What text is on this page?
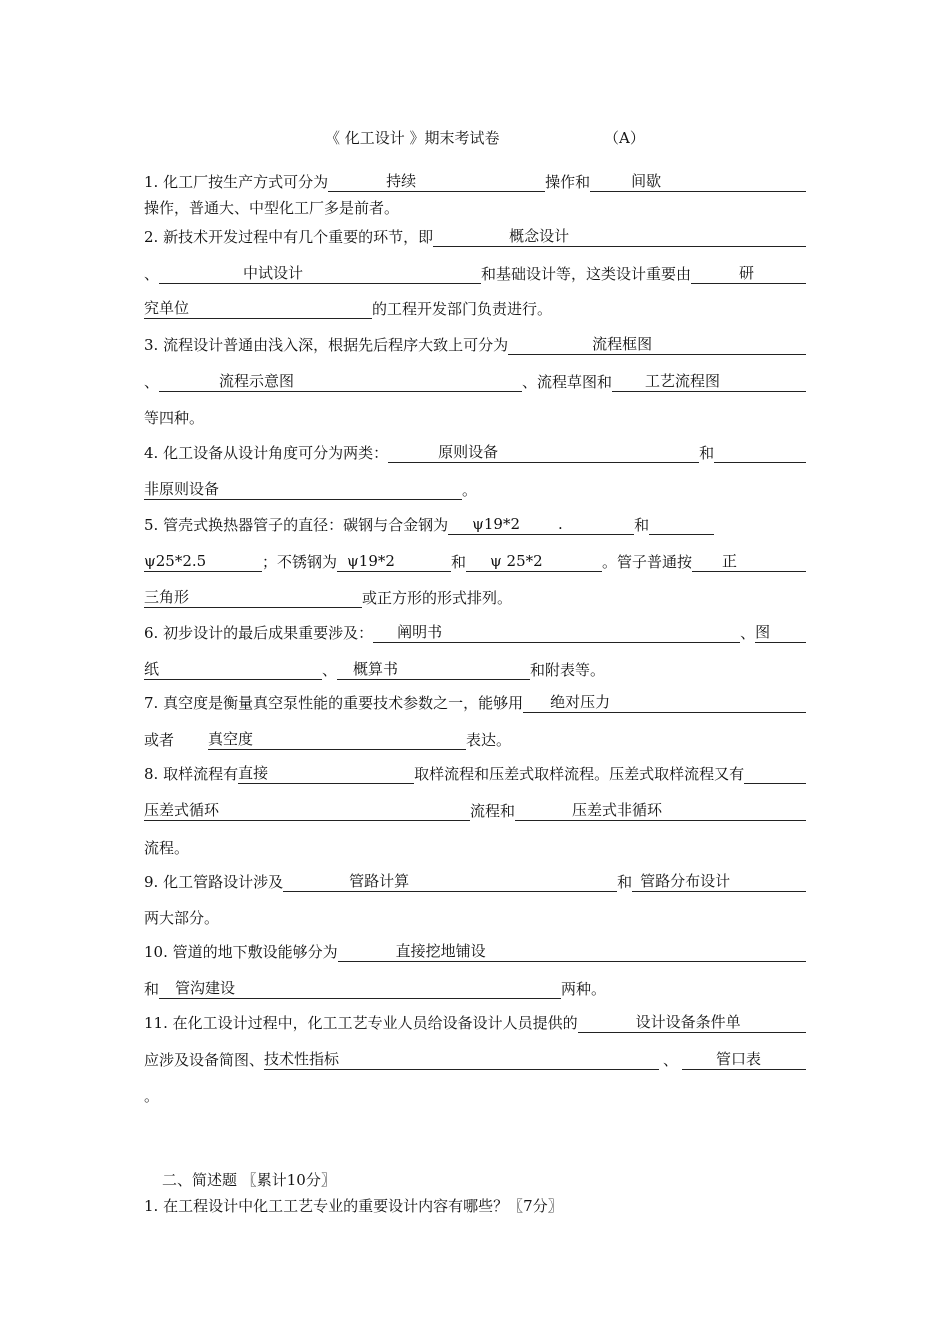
《 化工设计 》期末考试卷	（A）
1. 化工厂按生产方式可分为	持续	操作和	间歇
操作，普通大、中型化工厂多是前者。
2. 新技术开发过程中有几个重要的环节，即	概念设计
、	中试设计	和基础设计等，这类设计重要由	研
究单位	的工程开发部门负责进行。
3. 流程设计普通由浅入深，根据先后程序大致上可分为	流程框图
、	流程示意图	、流程草图和	工艺流程图
等四种。
4. 化工设备从设计角度可分为两类：	原则设备	和
非原则设备	。
5. 管壳式换热器管子的直径：碳钢与合金钢为	ψ19*2	.	和
ψ25*2.5	；不锈钢为 ψ19*2	和	ψ 25*2	。管子普通按	正
三角形	或正方形的形式排列。
6. 初步设计的最后成果重要涉及：	阐明书	、 图
纸	、	概算书	和附表等。
7. 真空度是衡量真空泵性能的重要技术参数之一，能够用	绝对压力
或者 真空度	表达。
8. 取样流程有 直接	取样流程和压差式取样流程。压差式取样流程又有
压差式循环	流程和	压差式非循环
流程。
9. 化工管路设计涉及	管路计算	和 管路分布设计
两大部分。
10. 管道的地下敷设能够分为	直接挖地铺设
和	管沟建设	两种。
11. 在化工设计过程中，化工工艺专业人员给设备设计人员提供的	设计设备条件单
应涉及设备简图、 技术性指标	、	管口表
。
二、简述题 〖累计10分〗
1. 在工程设计中化工工艺专业的重要设计内容有哪些？〖7分〗
